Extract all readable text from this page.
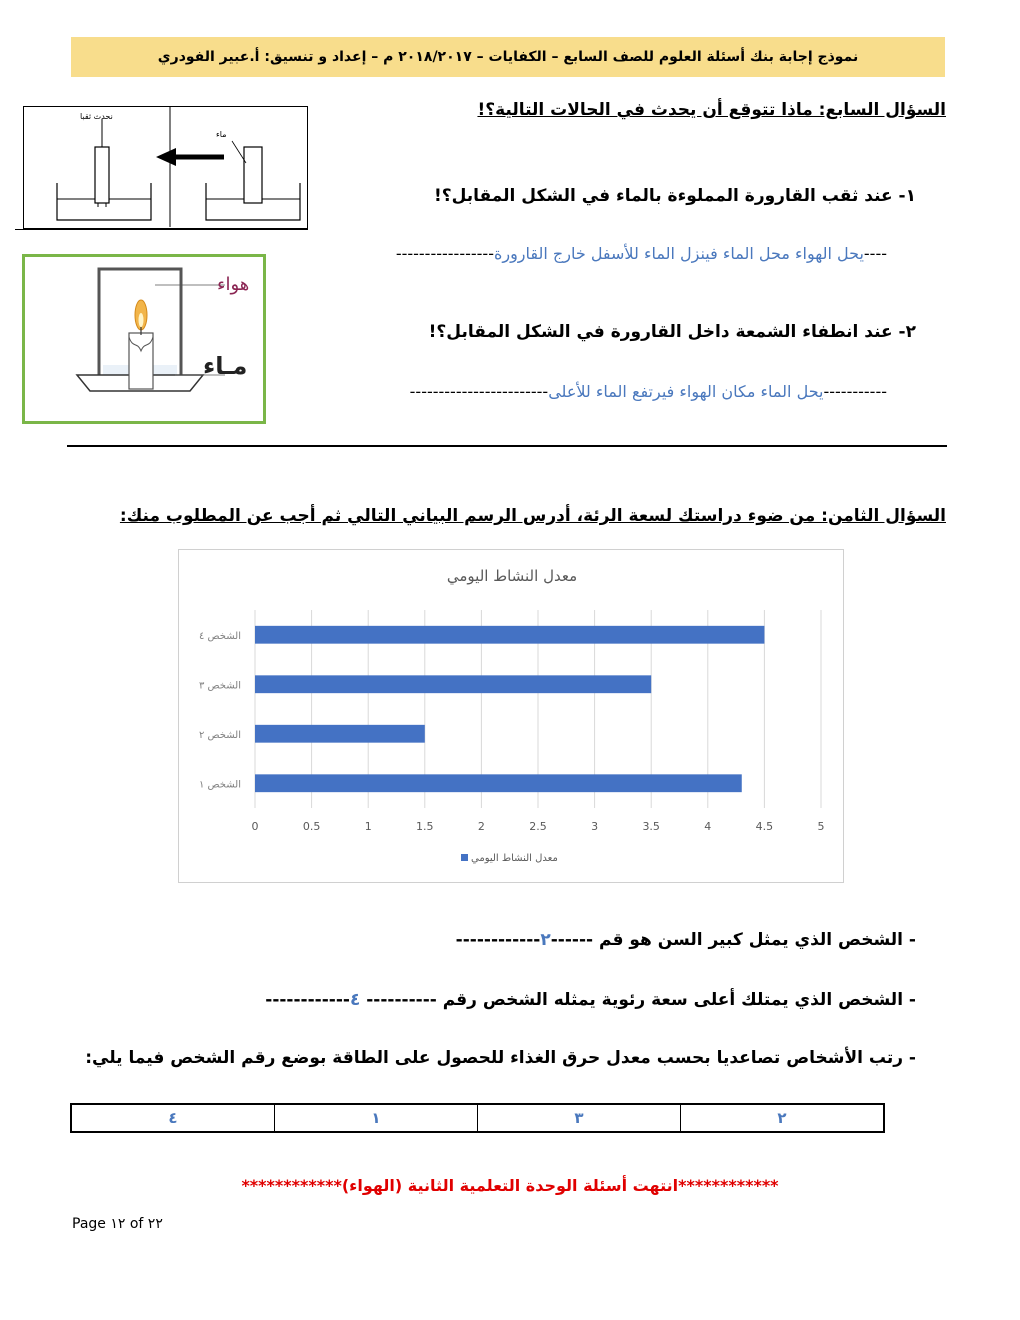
نموذج إجابة بنك أسئلة العلوم للصف السابع – الكفايات – ٢٠١٨/٢٠١٧ م – إعداد و تنسيق: أ.عبير الفودري
السؤال السابع: ماذا تتوقع أن يحدث في الحالات التالية؟!
نحدث ثقبا
ماء
١- عند ثقب القارورة المملوءة بالماء في الشكل المقابل؟!
----يحل الهواء محل الماء فينزل الماء للأسفل خارج القارورة-----------------
هواء
مـاء
٢- عند انطفاء الشمعة داخل القارورة في الشكل المقابل؟!
-----------يحل الماء مكان الهواء فيرتفع الماء للأعلى------------------------
السؤال الثامن: من ضوء دراستك لسعة الرئة، أدرس الرسم البياني التالي ثم أجب عن المطلوب منك:
معدل النشاط اليومي
الشخص ١
الشخص ٢
الشخص ٣
الشخص ٤
0	0.5	1	1.5	2	2.5	3	3.5	4	4.5	5
معدل النشاط اليومي
- الشخص الذي يمثل كبير السن هو قم ------٢------------
- الشخص الذي يمتلك أعلى سعة رئوية يمثله الشخص رقم ---------- ٤------------
- رتب الأشخاص تصاعديا بحسب معدل حرق الغذاء للحصول على الطاقة بوضع رقم الشخص فيما يلي:
٤	١	٣	٢
************انتهت أسئلة الوحدة التعلمية الثانية (الهواء)************
Page ١٢ of ٢٢
